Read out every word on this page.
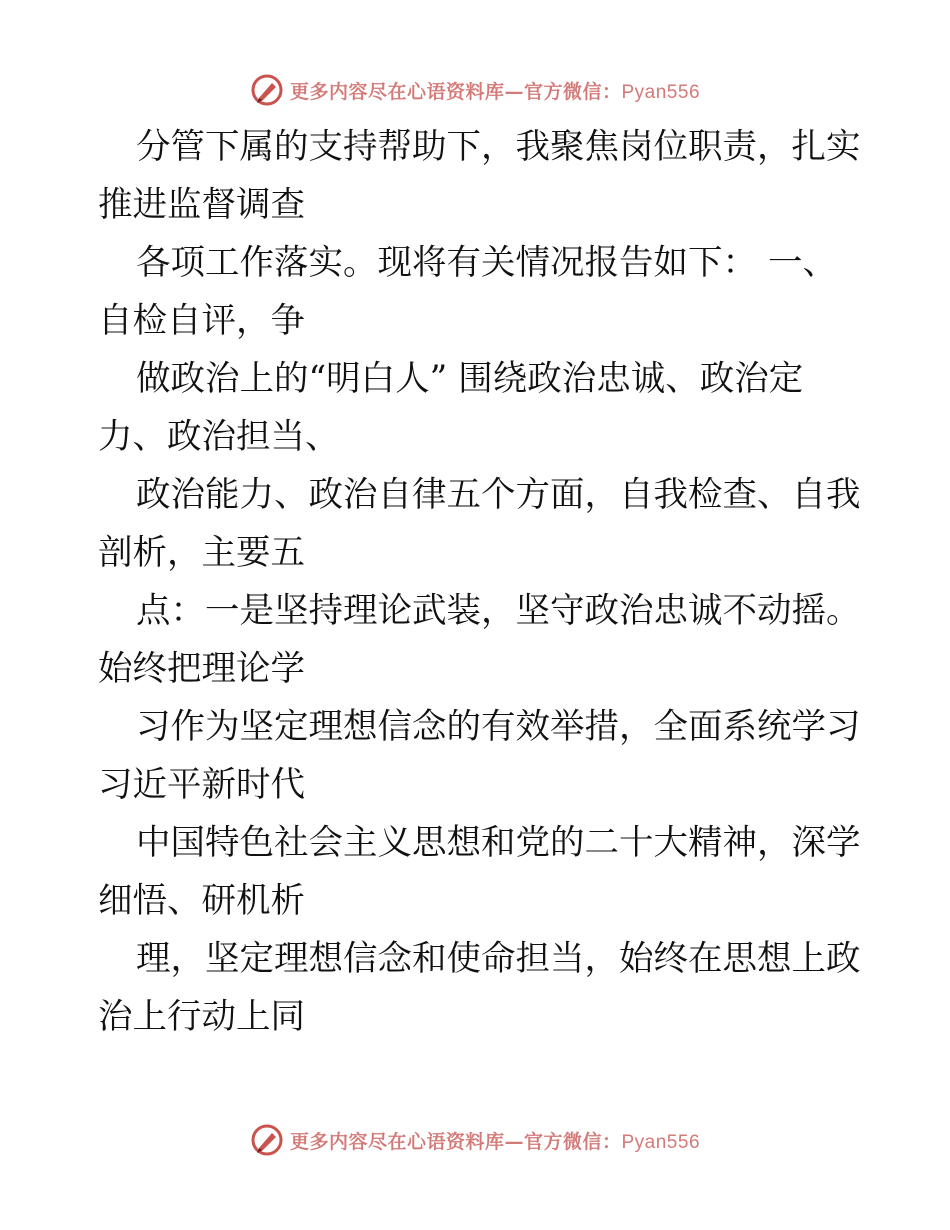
更多内容尽在心语资料库—官方微信：Pyan556
分管下属的支持帮助下，我聚焦岗位职责，扎实
推进监督调查
各项工作落实。现将有关情况报告如下： 一、
自检自评，争
做政治上的“明白人” 围绕政治忠诚、政治定
力、政治担当、
政治能力、政治自律五个方面，自我检查、自我
剖析，主要五
点：一是坚持理论武装，坚守政治忠诚不动摇。
始终把理论学
习作为坚定理想信念的有效举措，全面系统学习
习近平新时代
中国特色社会主义思想和党的二十大精神，深学
细悟、研机析
理，坚定理想信念和使命担当，始终在思想上政
治上行动上同
更多内容尽在心语资料库—官方微信：Pyan556
